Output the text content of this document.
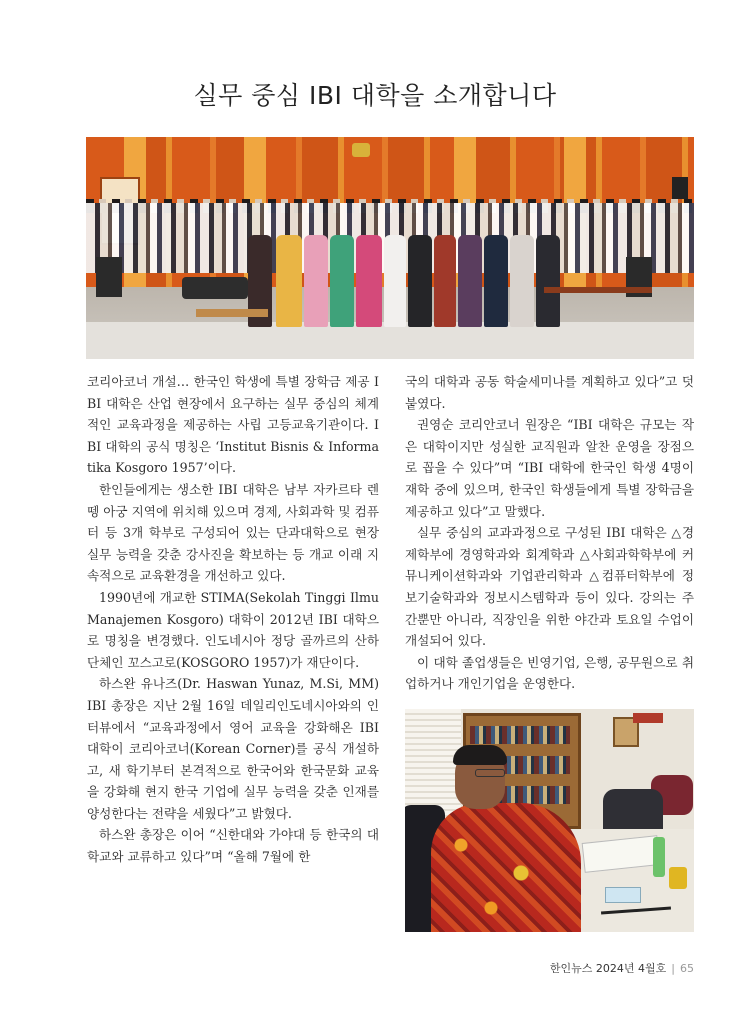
실무 중심 IBI 대학을 소개합니다

코리아코너 개설… 한국인 학생에 특별 장학금 제공 IBI 대학은 산업 현장에서 요구하는 실무 중심의 체계적인 교육과정을 제공하는 사립 고등교육기관이다. IBI 대학의 공식 명칭은 ‘Institut Bisnis & Informatika Kosgoro 1957’이다.

한인들에게는 생소한 IBI 대학은 남부 자카르타 렌뗑 아궁 지역에 위치해 있으며 경제, 사회과학 및 컴퓨터 등 3개 학부로 구성되어 있는 단과대학으로 현장 실무 능력을 갖춘 강사진을 확보하는 등 개교 이래 지속적으로 교육환경을 개선하고 있다.

1990년에 개교한 STIMA(Sekolah Tinggi Ilmu Manajemen Kosgoro) 대학이 2012년 IBI 대학으로 명칭을 변경했다. 인도네시아 정당 골까르의 산하 단체인 꼬스고로(KOSGORO 1957)가 재단이다.

하스완 유나즈(Dr. Haswan Yunaz, M.Si, MM) IBI 총장은 지난 2월 16일 데일리인도네시아와의 인터뷰에서 “교육과정에서 영어 교육을 강화해온 IBI 대학이 코리아코너(Korean Corner)를 공식 개설하고, 새 학기부터 본격적으로 한국어와 한국문화 교육을 강화해 현지 한국 기업에 실무 능력을 갖춘 인재를 양성한다는 전략을 세웠다”고 밝혔다.

하스완 총장은 이어 “신한대와 가야대 등 한국의 대학교와 교류하고 있다”며 “올해 7월에 한

국의 대학과 공동 학술세미나를 계획하고 있다”고 덧붙였다.

권영순 코리안코너 원장은 “IBI 대학은 규모는 작은 대학이지만 성실한 교직원과 알찬 운영을 장점으로 꼽을 수 있다”며 “IBI 대학에 한국인 학생 4명이 재학 중에 있으며, 한국인 학생들에게 특별 장학금을 제공하고 있다”고 말했다.

실무 중심의 교과과정으로 구성된 IBI 대학은 △경제학부에 경영학과와 회계학과 △사회과학학부에 커뮤니케이션학과와 기업관리학과 △컴퓨터학부에 정보기술학과와 정보시스템학과 등이 있다. 강의는 주간뿐만 아니라, 직장인을 위한 야간과 토요일 수업이 개설되어 있다.

이 대학 졸업생들은 빈영기업, 은행, 공무원으로 취업하거나 개인기업을 운영한다.

한인뉴스 2024년 4월호 | 65
